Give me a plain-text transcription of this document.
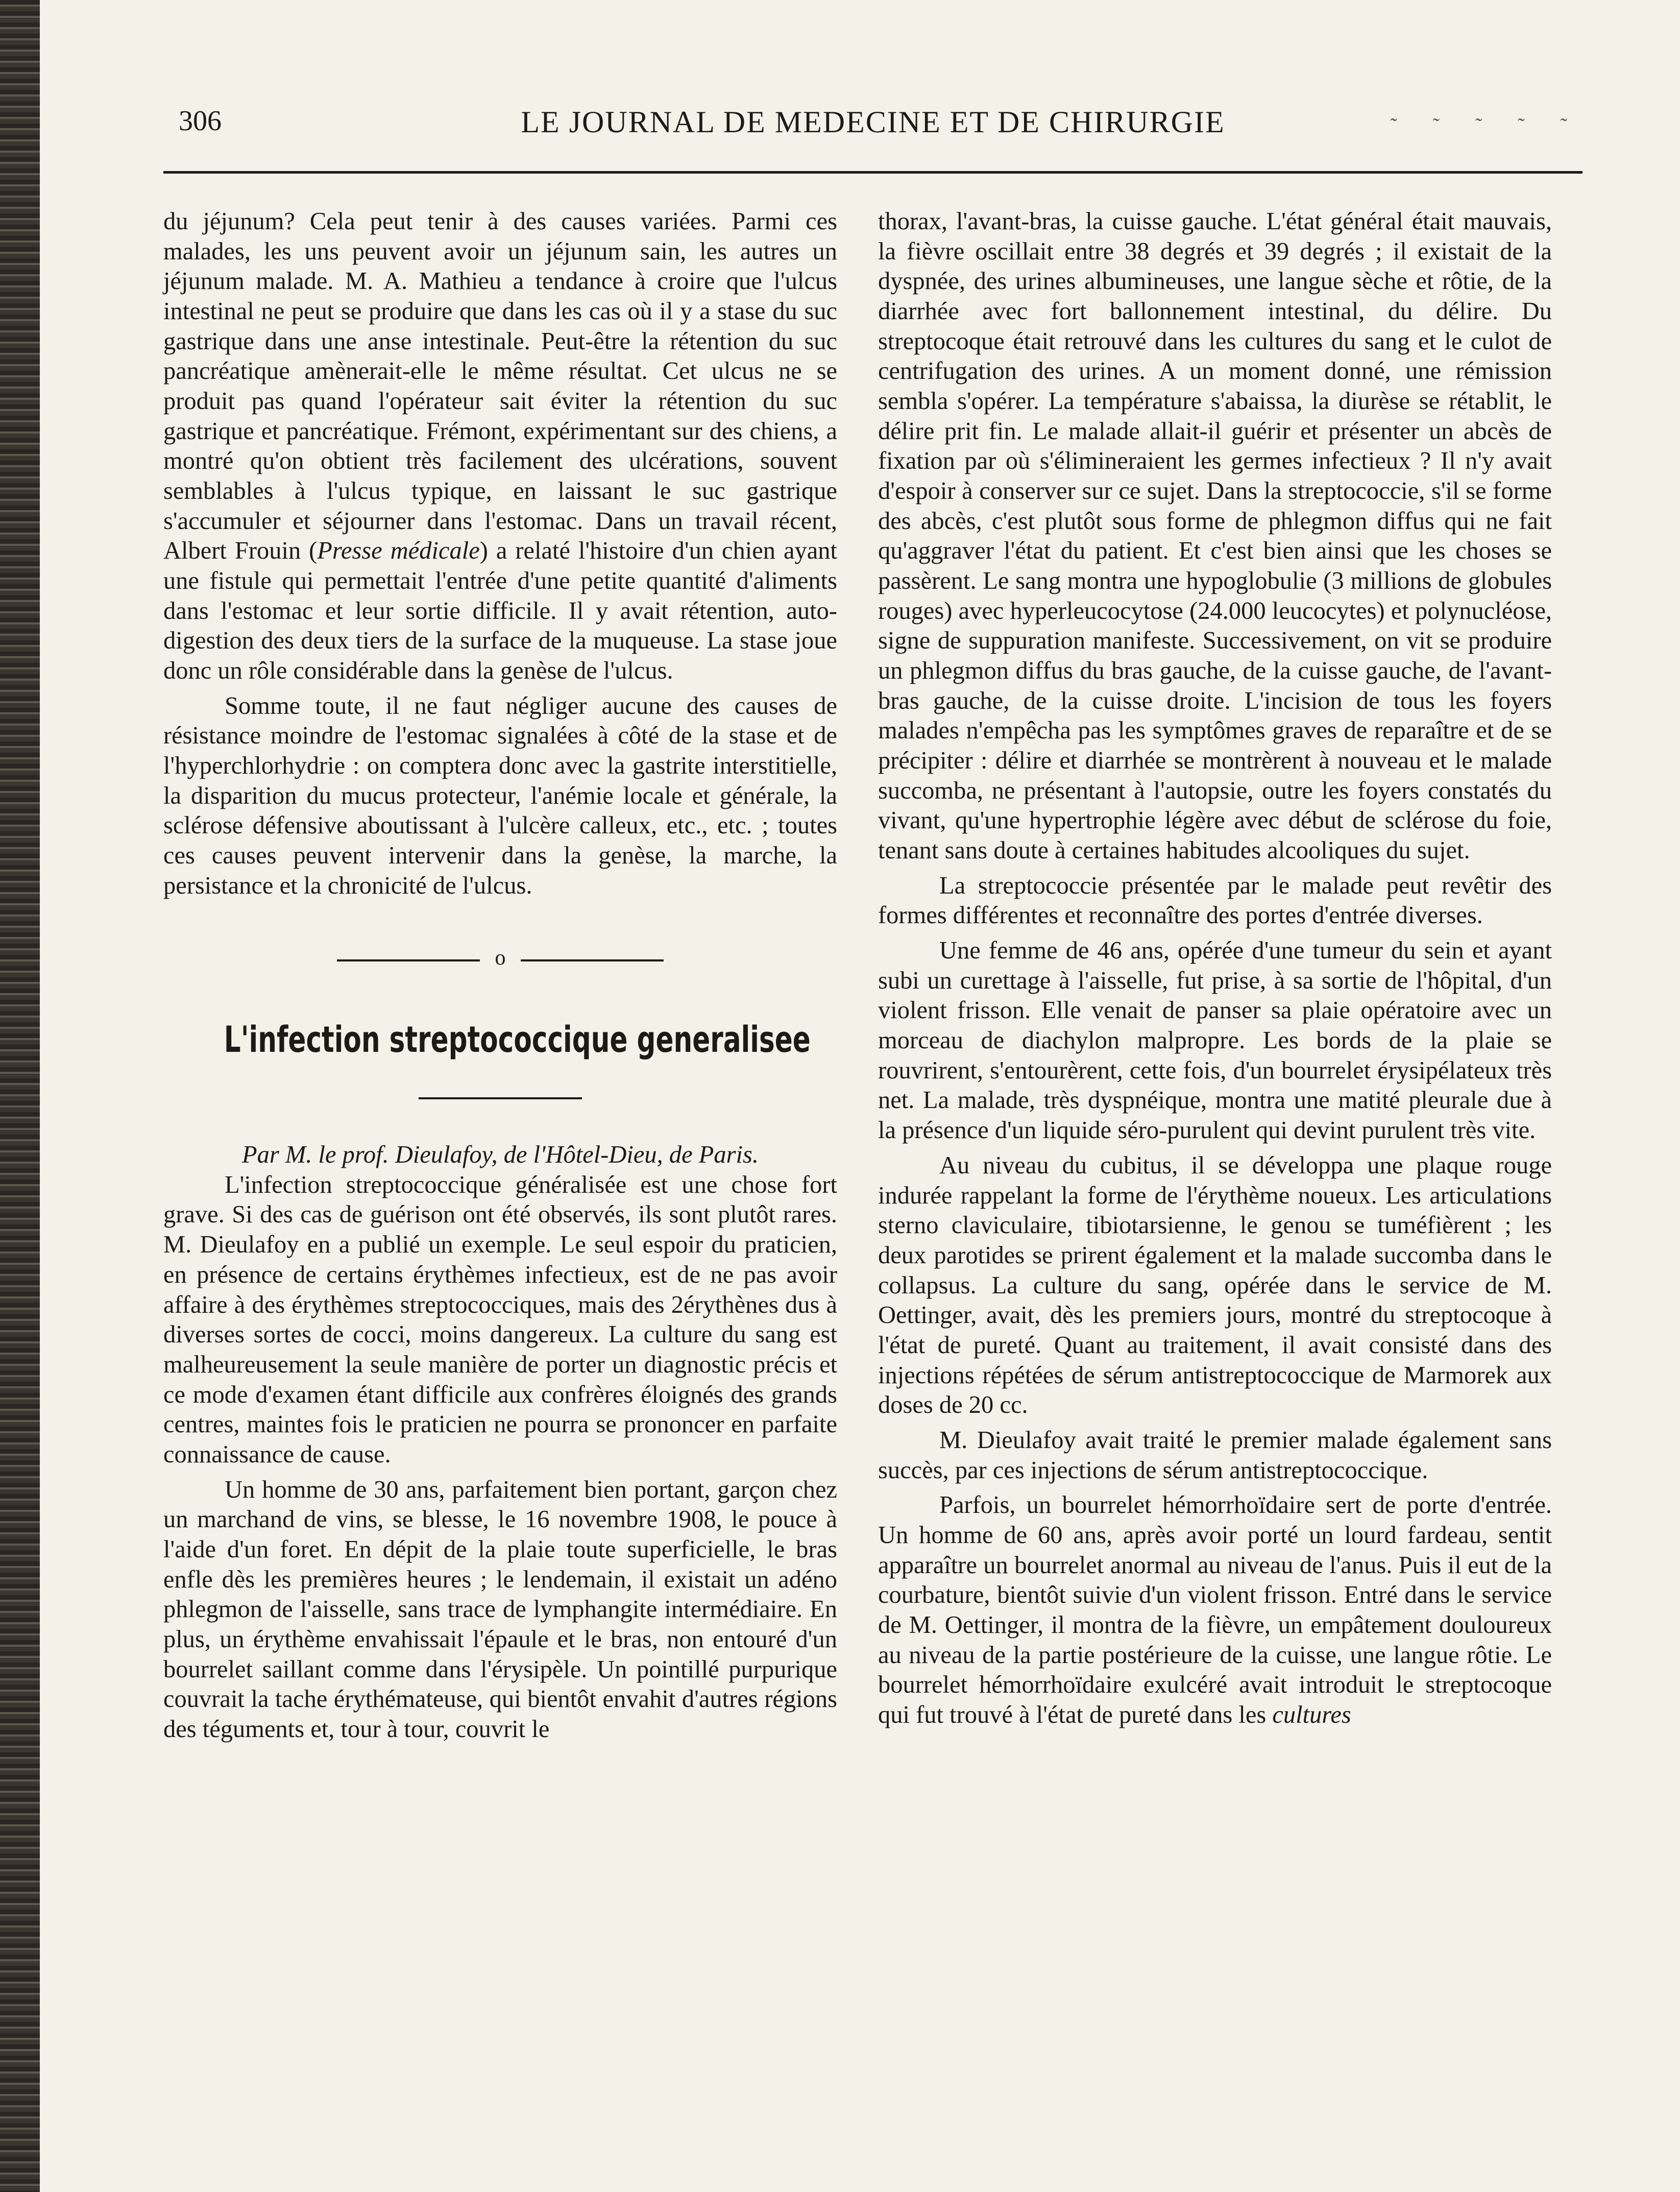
306	LE JOURNAL DE MEDECINE ET DE CHIRURGIE	˜ ˜ ˜ ˜ ˜

du jéjunum? Cela peut tenir à des causes variées. Parmi ces malades, les uns peuvent avoir un jéjunum sain, les autres un jéjunum malade. M. A. Mathieu a tendance à croire que l'ulcus intestinal ne peut se produire que dans les cas où il y a stase du suc gastrique dans une anse intestinale. Peut-être la rétention du suc pancréatique amènerait-elle le même résultat. Cet ulcus ne se produit pas quand l'opérateur sait éviter la rétention du suc gastrique et pancréatique. Frémont, expérimentant sur des chiens, a montré qu'on obtient très facilement des ulcérations, souvent semblables à l'ulcus typique, en laissant le suc gastrique s'accumuler et séjourner dans l'estomac. Dans un travail récent, Albert Frouin (Presse médicale) a relaté l'histoire d'un chien ayant une fistule qui permettait l'entrée d'une petite quantité d'aliments dans l'estomac et leur sortie difficile. Il y avait rétention, auto-digestion des deux tiers de la surface de la muqueuse. La stase joue donc un rôle considérable dans la genèse de l'ulcus.

Somme toute, il ne faut négliger aucune des causes de résistance moindre de l'estomac signalées à côté de la stase et de l'hyperchlorhydrie : on comptera donc avec la gastrite interstitielle, la disparition du mucus protecteur, l'anémie locale et générale, la sclérose défensive aboutissant à l'ulcère calleux, etc., etc. ; toutes ces causes peuvent intervenir dans la genèse, la marche, la persistance et la chronicité de l'ulcus.

o
L'infection streptococcique generalisee
Par M. le prof. Dieulafoy, de l'Hôtel-Dieu, de Paris.

L'infection streptococcique généralisée est une chose fort grave. Si des cas de guérison ont été observés, ils sont plutôt rares. M. Dieulafoy en a publié un exemple. Le seul espoir du praticien, en présence de certains érythèmes infectieux, est de ne pas avoir affaire à des érythèmes streptococciques, mais des 2érythènes dus à diverses sortes de cocci, moins dangereux. La culture du sang est malheureusement la seule manière de porter un diagnostic précis et ce mode d'examen étant difficile aux confrères éloignés des grands centres, maintes fois le praticien ne pourra se prononcer en parfaite connaissance de cause.

Un homme de 30 ans, parfaitement bien portant, garçon chez un marchand de vins, se blesse, le 16 novembre 1908, le pouce à l'aide d'un foret. En dépit de la plaie toute superficielle, le bras enfle dès les premières heures ; le lendemain, il existait un adéno phlegmon de l'aisselle, sans trace de lymphangite intermédiaire. En plus, un érythème envahissait l'épaule et le bras, non entouré d'un bourrelet saillant comme dans l'érysipèle. Un pointillé purpurique couvrait la tache érythémateuse, qui bientôt envahit d'autres régions des téguments et, tour à tour, couvrit le

thorax, l'avant-bras, la cuisse gauche. L'état général était mauvais, la fièvre oscillait entre 38 degrés et 39 degrés ; il existait de la dyspnée, des urines albumineuses, une langue sèche et rôtie, de la diarrhée avec fort ballonnement intestinal, du délire. Du streptocoque était retrouvé dans les cultures du sang et le culot de centrifugation des urines. A un moment donné, une rémission sembla s'opérer. La température s'abaissa, la diurèse se rétablit, le délire prit fin. Le malade allait-il guérir et présenter un abcès de fixation par où s'élimineraient les germes infectieux ? Il n'y avait d'espoir à conserver sur ce sujet. Dans la streptococcie, s'il se forme des abcès, c'est plutôt sous forme de phlegmon diffus qui ne fait qu'aggraver l'état du patient. Et c'est bien ainsi que les choses se passèrent. Le sang montra une hypoglobulie (3 millions de globules rouges) avec hyperleucocytose (24.000 leucocytes) et polynucléose, signe de suppuration manifeste. Successivement, on vit se produire un phlegmon diffus du bras gauche, de la cuisse gauche, de l'avant-bras gauche, de la cuisse droite. L'incision de tous les foyers malades n'empêcha pas les symptômes graves de reparaître et de se précipiter : délire et diarrhée se montrèrent à nouveau et le malade succomba, ne présentant à l'autopsie, outre les foyers constatés du vivant, qu'une hypertrophie légère avec début de sclérose du foie, tenant sans doute à certaines habitudes alcooliques du sujet.

La streptococcie présentée par le malade peut revêtir des formes différentes et reconnaître des portes d'entrée diverses.

Une femme de 46 ans, opérée d'une tumeur du sein et ayant subi un curettage à l'aisselle, fut prise, à sa sortie de l'hôpital, d'un violent frisson. Elle venait de panser sa plaie opératoire avec un morceau de diachylon malpropre. Les bords de la plaie se rouvrirent, s'entourèrent, cette fois, d'un bourrelet érysipélateux très net. La malade, très dyspnéique, montra une matité pleurale due à la présence d'un liquide séro-purulent qui devint purulent très vite.

Au niveau du cubitus, il se développa une plaque rouge indurée rappelant la forme de l'érythème noueux. Les articulations sterno claviculaire, tibiotarsienne, le genou se tuméfièrent ; les deux parotides se prirent également et la malade succomba dans le collapsus. La culture du sang, opérée dans le service de M. Oettinger, avait, dès les premiers jours, montré du streptocoque à l'état de pureté. Quant au traitement, il avait consisté dans des injections répétées de sérum antistreptococcique de Marmorek aux doses de 20 cc.

M. Dieulafoy avait traité le premier malade également sans succès, par ces injections de sérum antistreptococcique.

Parfois, un bourrelet hémorrhoïdaire sert de porte d'entrée. Un homme de 60 ans, après avoir porté un lourd fardeau, sentit apparaître un bourrelet anormal au niveau de l'anus. Puis il eut de la courbature, bientôt suivie d'un violent frisson. Entré dans le service de M. Oettinger, il montra de la fièvre, un empâtement douloureux au niveau de la partie postérieure de la cuisse, une langue rôtie. Le bourrelet hémorrhoïdaire exulcéré avait introduit le streptocoque qui fut trouvé à l'état de pureté dans les cultures
